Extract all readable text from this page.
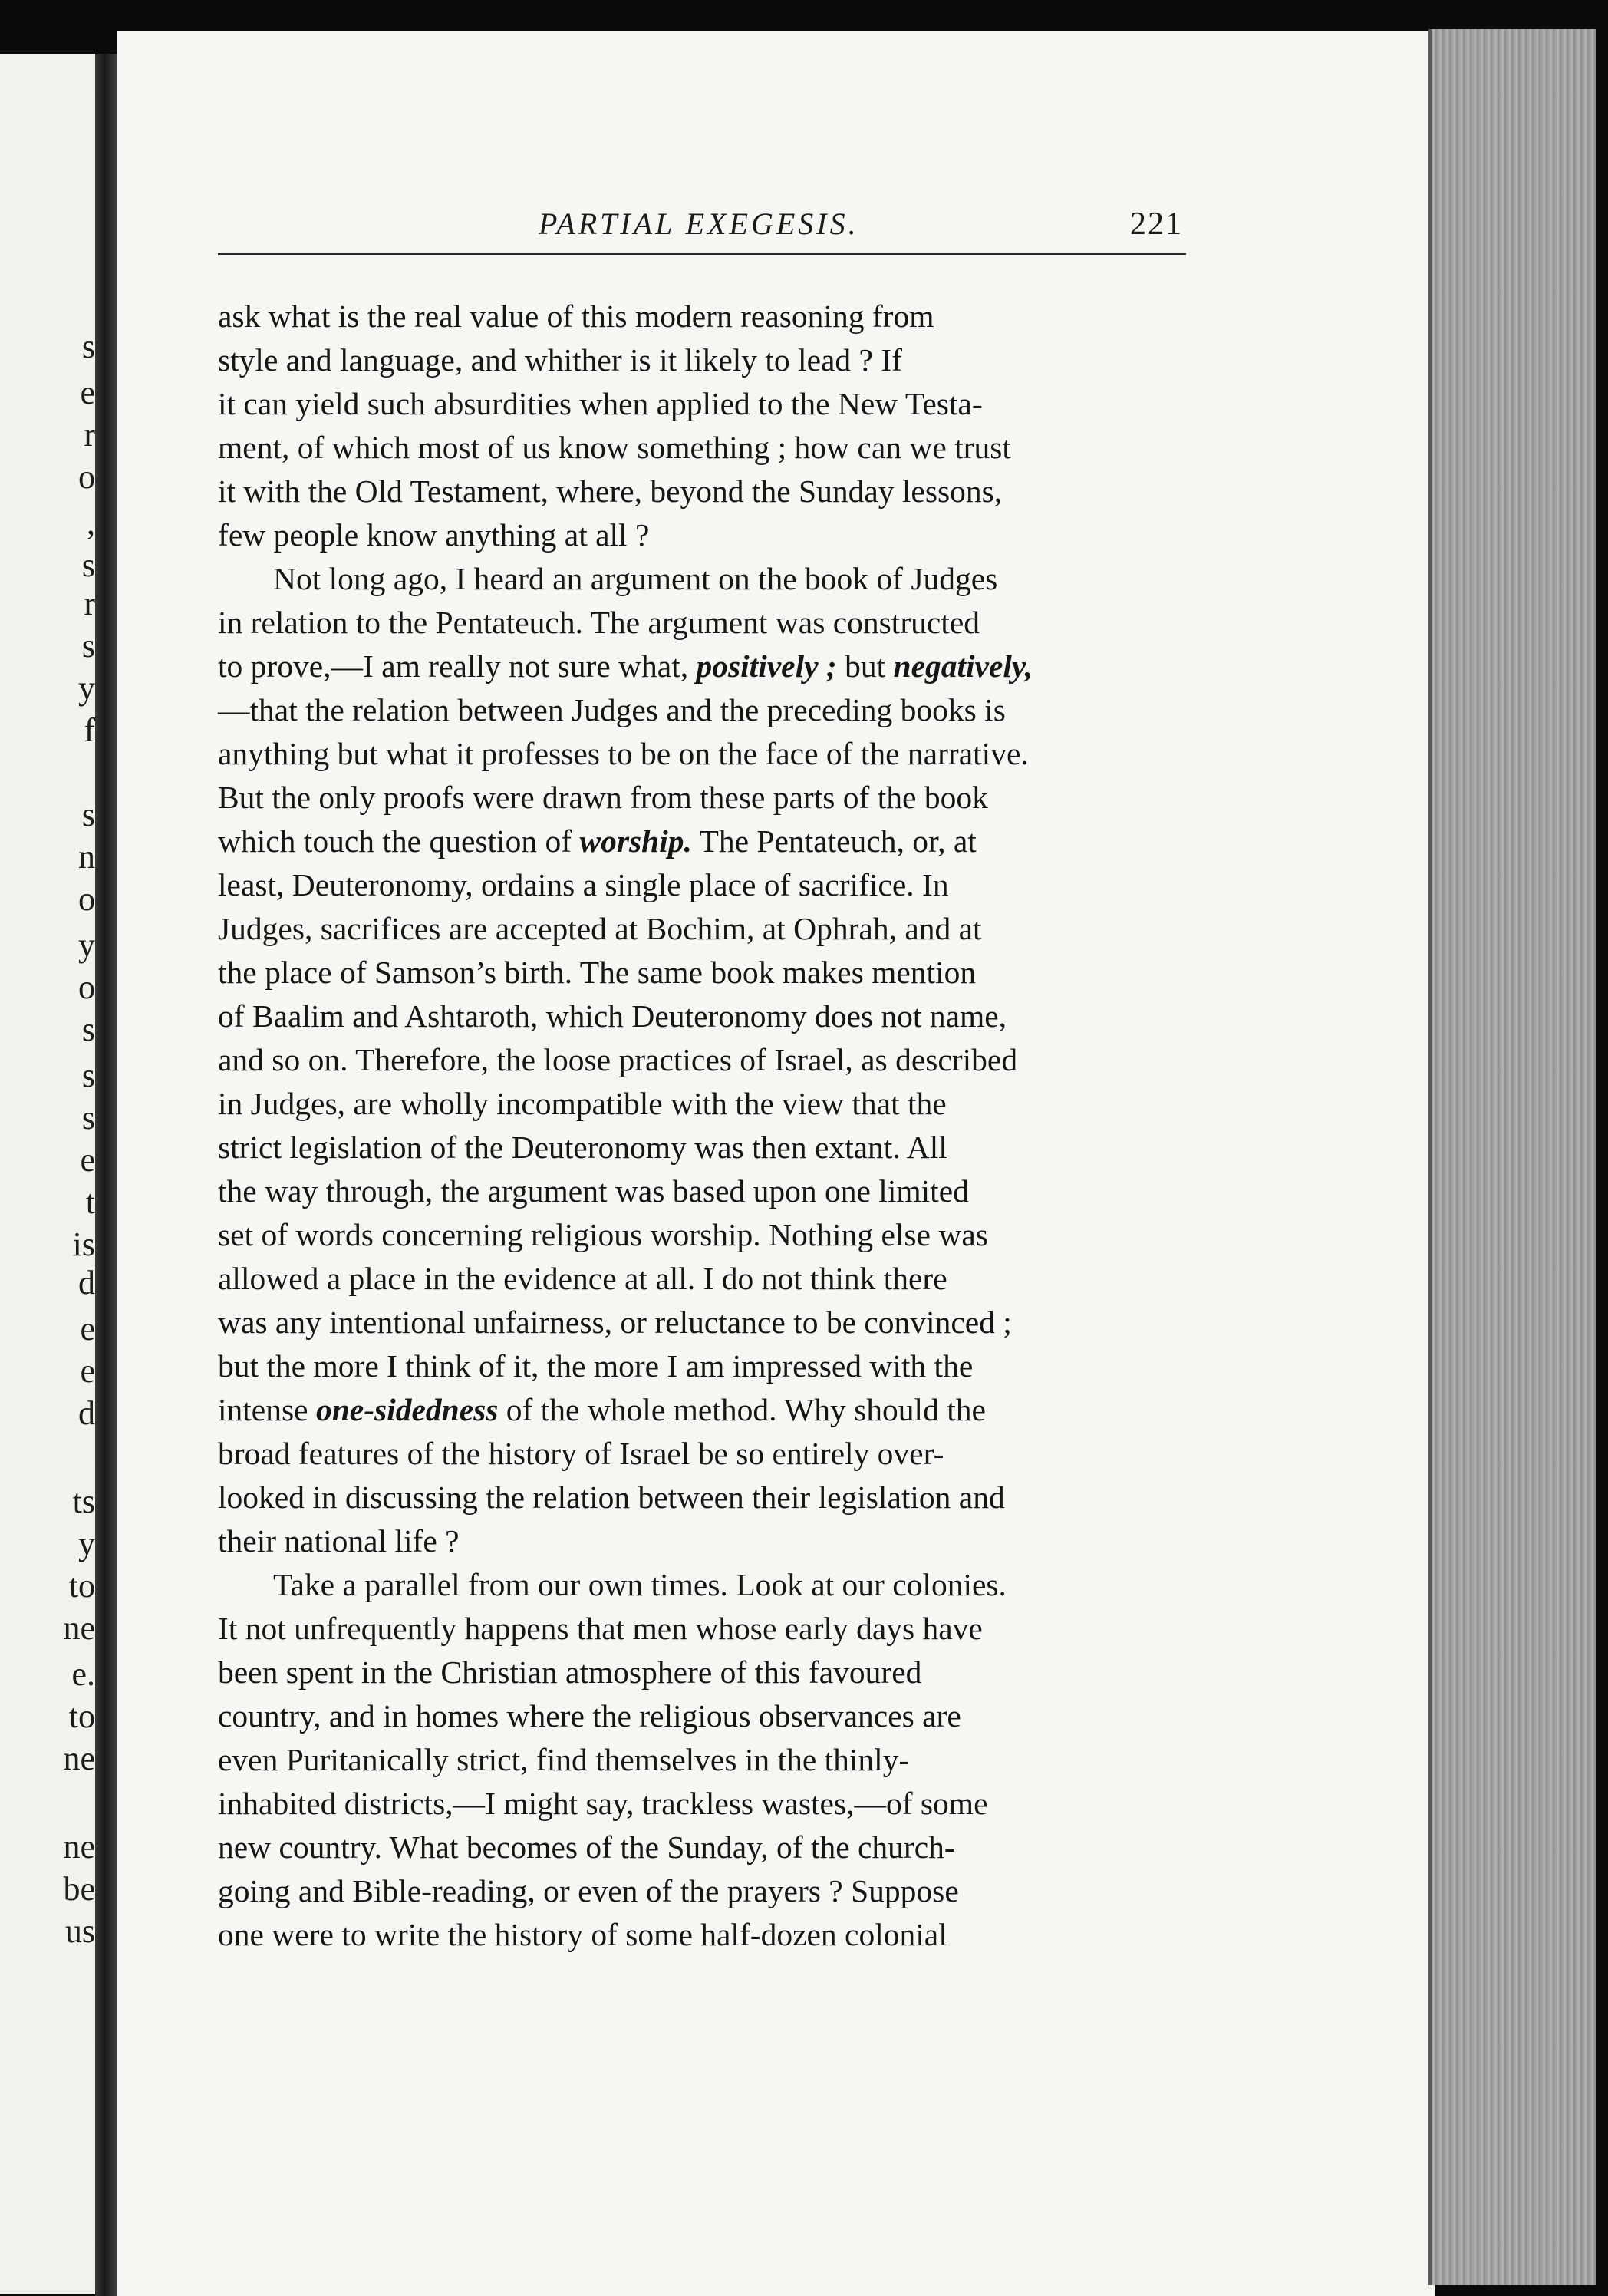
s
e
r
o
,
s
r
s
y
f
s
n
o
y
o
s
s
s
e
t
is
d
e
e
d
ts
y
to
ne
e.
to
ne
ne
be
us
PARTIAL EXEGESIS.	221
ask what is the real value of this modern reasoning from
style and language, and whither is it likely to lead ? If
it can yield such absurdities when applied to the New Testa-
ment, of which most of us know something ; how can we trust
it with the Old Testament, where, beyond the Sunday lessons,
few people know anything at all ?
Not long ago, I heard an argument on the book of Judges
in relation to the Pentateuch. The argument was constructed
to prove,—I am really not sure what, positively ; but negatively,
—that the relation between Judges and the preceding books is
anything but what it professes to be on the face of the narrative.
But the only proofs were drawn from these parts of the book
which touch the question of worship. The Pentateuch, or, at
least, Deuteronomy, ordains a single place of sacrifice. In
Judges, sacrifices are accepted at Bochim, at Ophrah, and at
the place of Samson’s birth. The same book makes mention
of Baalim and Ashtaroth, which Deuteronomy does not name,
and so on. Therefore, the loose practices of Israel, as described
in Judges, are wholly incompatible with the view that the
strict legislation of the Deuteronomy was then extant. All
the way through, the argument was based upon one limited
set of words concerning religious worship. Nothing else was
allowed a place in the evidence at all. I do not think there
was any intentional unfairness, or reluctance to be convinced ;
but the more I think of it, the more I am impressed with the
intense one-sidedness of the whole method. Why should the
broad features of the history of Israel be so entirely over-
looked in discussing the relation between their legislation and
their national life ?
Take a parallel from our own times. Look at our colonies.
It not unfrequently happens that men whose early days have
been spent in the Christian atmosphere of this favoured
country, and in homes where the religious observances are
even Puritanically strict, find themselves in the thinly-
inhabited districts,—I might say, trackless wastes,—of some
new country. What becomes of the Sunday, of the church-
going and Bible-reading, or even of the prayers ? Suppose
one were to write the history of some half-dozen colonial
